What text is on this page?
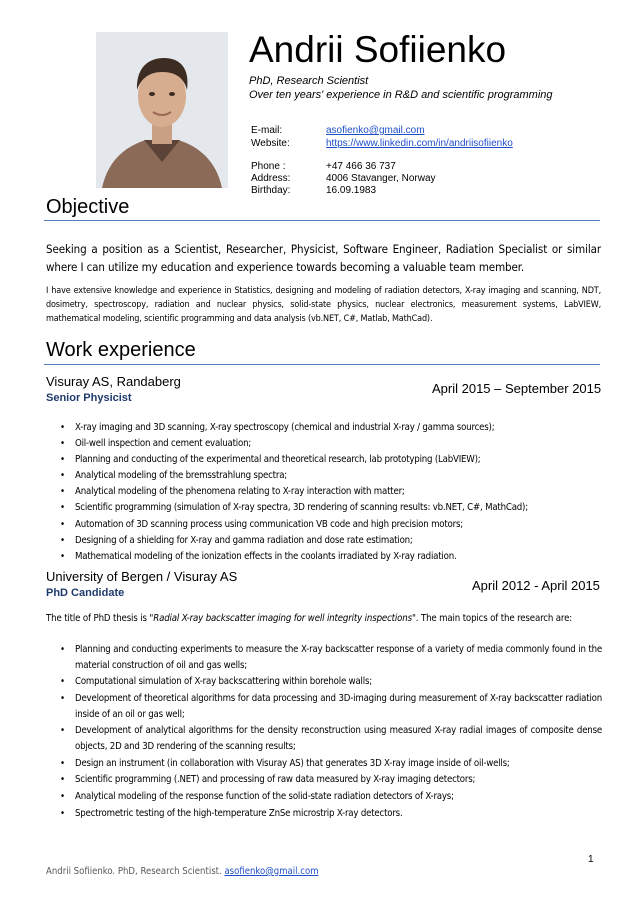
Andrii Sofiienko
PhD, Research Scientist
Over ten years' experience in R&D and scientific programming
E-mail:	asofienko@gmail.com
Website:	https://www.linkedin.com/in/andriisofiienko
Phone :	+47 466 36 737
Address:	4006 Stavanger, Norway
Birthday:	16.09.1983
Objective
Seeking a position as a Scientist, Researcher, Physicist, Software Engineer, Radiation Specialist or similar where I can utilize my education and experience towards becoming a valuable team member.
I have extensive knowledge and experience in Statistics, designing and modeling of radiation detectors, X-ray imaging and scanning, NDT, dosimetry, spectroscopy, radiation and nuclear physics, solid-state physics, nuclear electronics, measurement systems, LabVIEW, mathematical modeling, scientific programming and data analysis (vb.NET, C#, Matlab, MathCad).
Work experience
Visuray AS, Randaberg
Senior Physicist
April 2015 – September 2015
• X-ray imaging and 3D scanning, X-ray spectroscopy (chemical and industrial X-ray / gamma sources);
• Oil-well inspection and cement evaluation;
• Planning and conducting of the experimental and theoretical research, lab prototyping (LabVIEW);
• Analytical modeling of the bremsstrahlung spectra;
• Analytical modeling of the phenomena relating to X-ray interaction with matter;
• Scientific programming (simulation of X-ray spectra, 3D rendering of scanning results: vb.NET, C#, MathCad);
• Automation of 3D scanning process using communication VB code and high precision motors;
• Designing of a shielding for X-ray and gamma radiation and dose rate estimation;
• Mathematical modeling of the ionization effects in the coolants irradiated by X-ray radiation.
University of Bergen / Visuray AS
PhD Candidate	April 2012 - April 2015
The title of PhD thesis is "Radial X-ray backscatter imaging for well integrity inspections". The main topics of the research are:
• Planning and conducting experiments to measure the X-ray backscatter response of a variety of media commonly found in the material construction of oil and gas wells;
• Computational simulation of X-ray backscattering within borehole walls;
• Development of theoretical algorithms for data processing and 3D-imaging during measurement of X-ray backscatter radiation inside of an oil or gas well;
• Development of analytical algorithms for the density reconstruction using measured X-ray radial images of composite dense objects, 2D and 3D rendering of the scanning results;
• Design an instrument (in collaboration with Visuray AS) that generates 3D X-ray image inside of oil-wells;
• Scientific programming (.NET) and processing of raw data measured by X-ray imaging detectors;
• Analytical modeling of the response function of the solid-state radiation detectors of X-rays;
• Spectrometric testing of the high-temperature ZnSe microstrip X-ray detectors.
1
Andrii Sofiienko. PhD, Research Scientist. asofienko@gmail.com
